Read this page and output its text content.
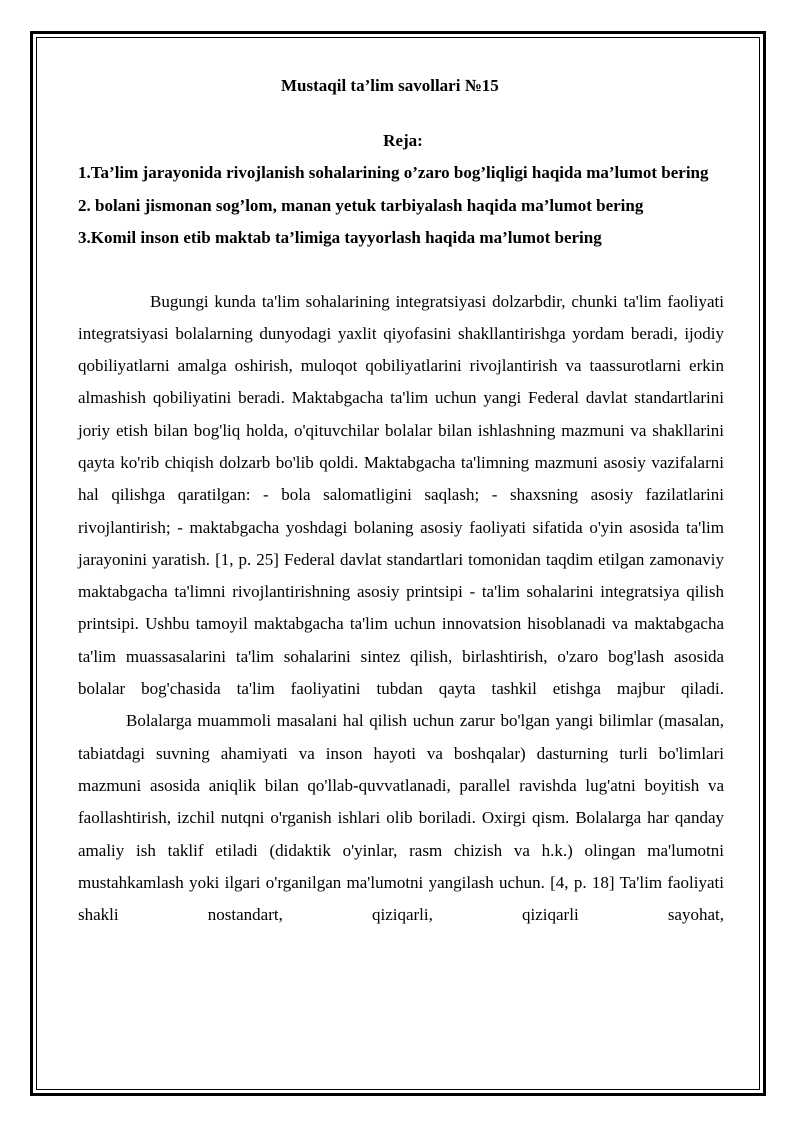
Mustaqil ta’lim savollari №15

Reja:

1.Ta’lim jarayonida rivojlanish sohalarining o’zaro bog’liqligi haqida ma’lumot bering
2. bolani jismonan sog’lom, manan yetuk tarbiyalash haqida ma’lumot bering
3.Komil inson etib maktab ta’limiga tayyorlash haqida ma’lumot bering

Bugungi kunda ta'lim sohalarining integratsiyasi dolzarbdir, chunki ta'lim faoliyati integratsiyasi bolalarning dunyodagi yaxlit qiyofasini shakllantirishga yordam beradi, ijodiy qobiliyatlarni amalga oshirish, muloqot qobiliyatlarini rivojlantirish va taassurotlarni erkin almashish qobiliyatini beradi. Maktabgacha ta'lim uchun yangi Federal davlat standartlarini joriy etish bilan bog'liq holda, o'qituvchilar bolalar bilan ishlashning mazmuni va shakllarini qayta ko'rib chiqish dolzarb bo'lib qoldi. Maktabgacha ta'limning mazmuni asosiy vazifalarni hal qilishga qaratilgan: - bola salomatligini saqlash; - shaxsning asosiy fazilatlarini rivojlantirish; - maktabgacha yoshdagi bolaning asosiy faoliyati sifatida o'yin asosida ta'lim jarayonini yaratish. [1, p. 25] Federal davlat standartlari tomonidan taqdim etilgan zamonaviy maktabgacha ta'limni rivojlantirishning asosiy printsipi - ta'lim sohalarini integratsiya qilish printsipi. Ushbu tamoyil maktabgacha ta'lim uchun innovatsion hisoblanadi va maktabgacha ta'lim muassasalarini ta'lim sohalarini sintez qilish, birlashtirish, o'zaro bog'lash asosida bolalar bog'chasida ta'lim faoliyatini tubdan qayta tashkil etishga majbur qiladi.

Bolalarga muammoli masalani hal qilish uchun zarur bo'lgan yangi bilimlar (masalan, tabiatdagi suvning ahamiyati va inson hayoti va boshqalar) dasturning turli bo'limlari mazmuni asosida aniqlik bilan qo'llab-quvvatlanadi, parallel ravishda lug'atni boyitish va faollashtirish, izchil nutqni o'rganish ishlari olib boriladi. Oxirgi qism. Bolalarga har qanday amaliy ish taklif etiladi (didaktik o'yinlar, rasm chizish va h.k.) olingan ma'lumotni mustahkamlash yoki ilgari o'rganilgan ma'lumotni yangilash uchun. [4, p. 18] Ta'lim faoliyati shakli nostandart, qiziqarli, qiziqarli sayohat,
